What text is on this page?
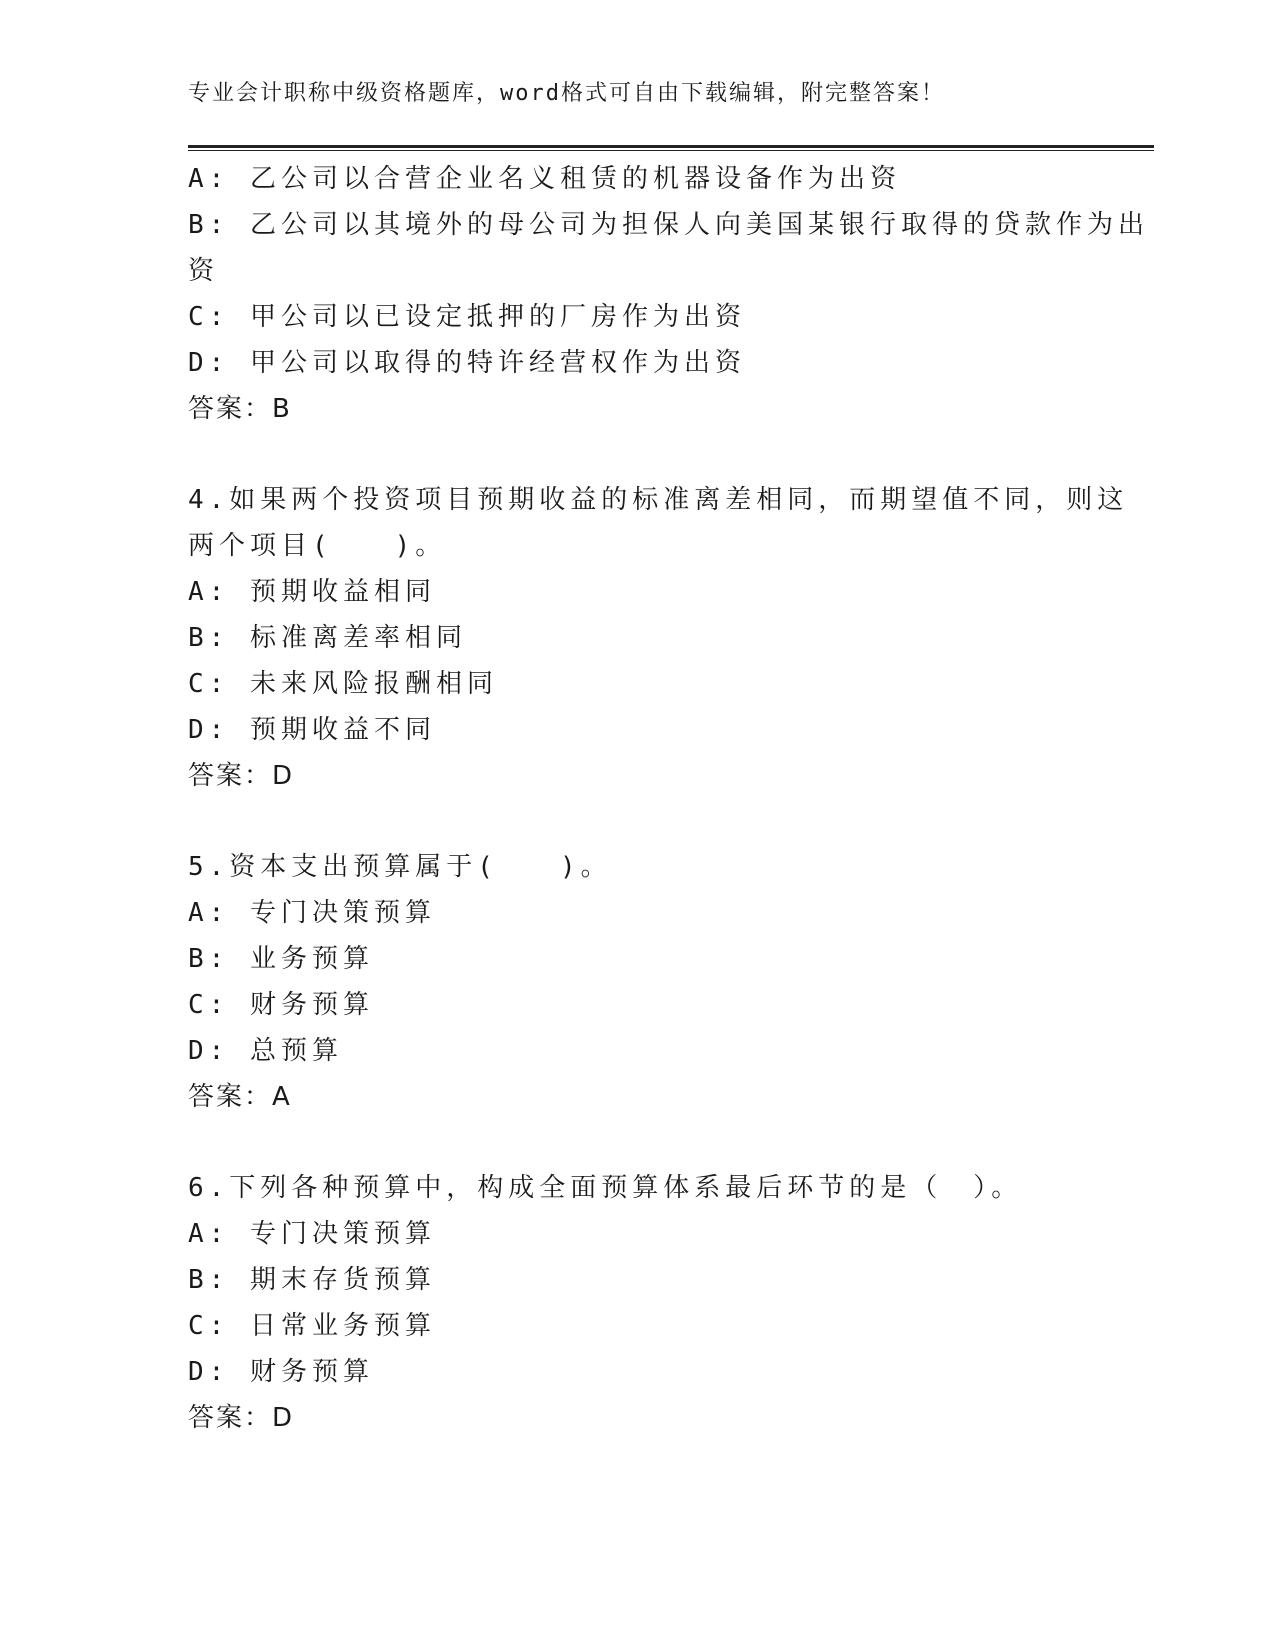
专业会计职称中级资格题库，word格式可自由下载编辑，附完整答案！
A: 乙公司以合营企业名义租赁的机器设备作为出资
B: 乙公司以其境外的母公司为担保人向美国某银行取得的贷款作为出
资
C: 甲公司以已设定抵押的厂房作为出资
D: 甲公司以取得的特许经营权作为出资
答案：B
4.如果两个投资项目预期收益的标准离差相同，而期望值不同，则这
两个项目(　　)。
A: 预期收益相同
B: 标准离差率相同
C: 未来风险报酬相同
D: 预期收益不同
答案：D
5.资本支出预算属于(　　)。
A: 专门决策预算
B: 业务预算
C: 财务预算
D: 总预算
答案：A
6.下列各种预算中，构成全面预算体系最后环节的是（　）。
A: 专门决策预算
B: 期末存货预算
C: 日常业务预算
D: 财务预算
答案：D
